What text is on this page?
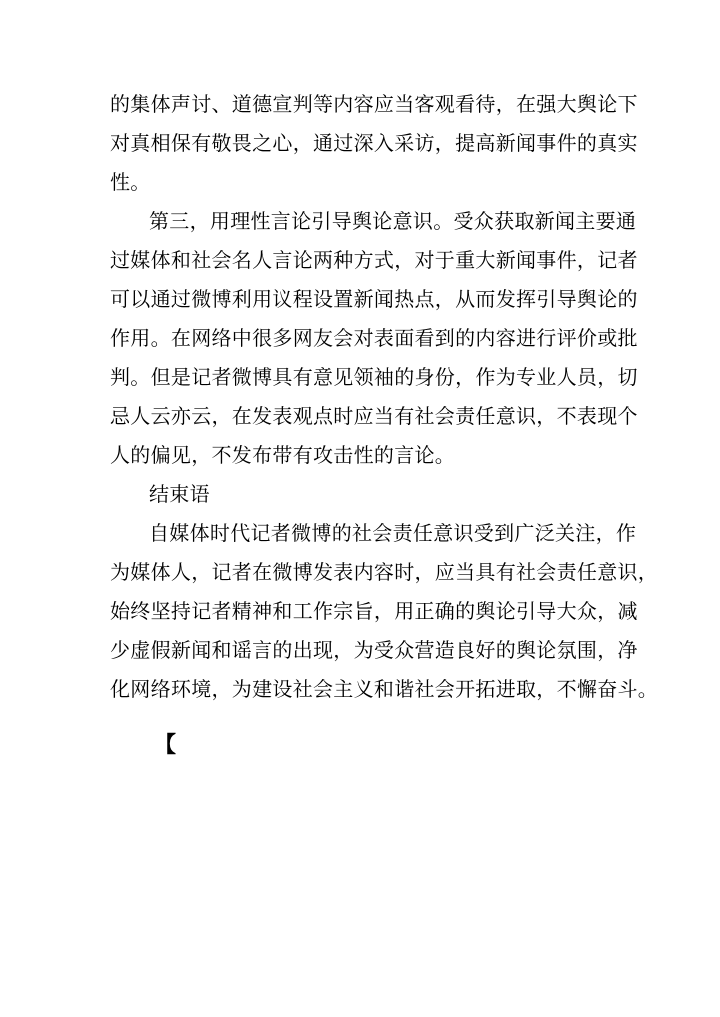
的集体声讨、道德宣判等内容应当客观看待，在强大舆论下
对真相保有敬畏之心，通过深入采访，提高新闻事件的真实
性。
第三，用理性言论引导舆论意识。受众获取新闻主要通
过媒体和社会名人言论两种方式，对于重大新闻事件，记者
可以通过微博利用议程设置新闻热点，从而发挥引导舆论的
作用。在网络中很多网友会对表面看到的内容进行评价或批
判。但是记者微博具有意见领袖的身份，作为专业人员，切
忌人云亦云，在发表观点时应当有社会责任意识，不表现个
人的偏见，不发布带有攻击性的言论。
结束语
自媒体时代记者微博的社会责任意识受到广泛关注，作
为媒体人，记者在微博发表内容时，应当具有社会责任意识，
始终坚持记者精神和工作宗旨，用正确的舆论引导大众，减
少虚假新闻和谣言的出现，为受众营造良好的舆论氛围，净
化网络环境，为建设社会主义和谐社会开拓进取，不懈奋斗。
【
